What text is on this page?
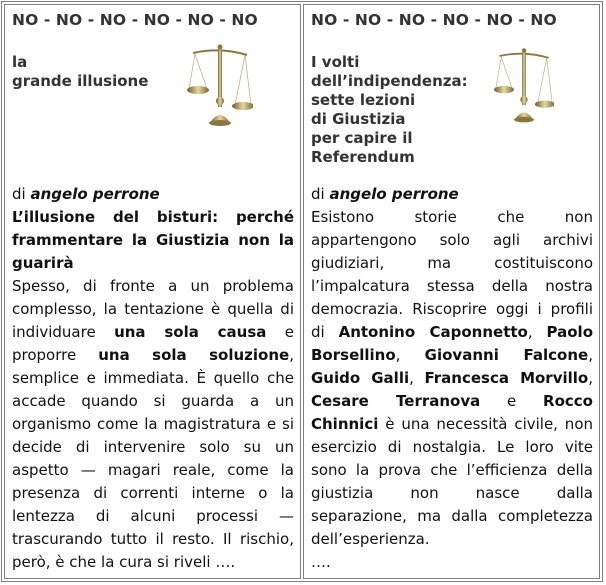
NO - NO - NO - NO - NO - NO
la
grande illusione
di angelo perrone
L’illusione del bisturi: perché frammentare la Giustizia non la guarirà
Spesso, di fronte a un problema complesso, la tentazione è quella di individuare una sola causa e proporre una sola soluzione, semplice e immediata. È quello che accade quando si guarda a un organismo come la magistratura e si decide di intervenire solo su un aspetto — magari reale, come la presenza di correnti interne o la lentezza di alcuni processi — trascurando tutto il resto. Il rischio, però, è che la cura si riveli ….
NO - NO - NO - NO - NO - NO
I volti
dell’indipendenza:
sette lezioni
di Giustizia
per capire il
Referendum
di angelo perrone
Esistono storie che non appartengono solo agli archivi giudiziari, ma costituiscono l’impalcatura stessa della nostra democrazia. Riscoprire oggi i profili di Antonino Caponnetto, Paolo Borsellino, Giovanni Falcone, Guido Galli, Francesca Morvillo, Cesare Terranova e Rocco Chinnici è una necessità civile, non esercizio di nostalgia. Le loro vite sono la prova che l’efficienza della giustizia non nasce dalla separazione, ma dalla completezza dell’esperienza.
….
